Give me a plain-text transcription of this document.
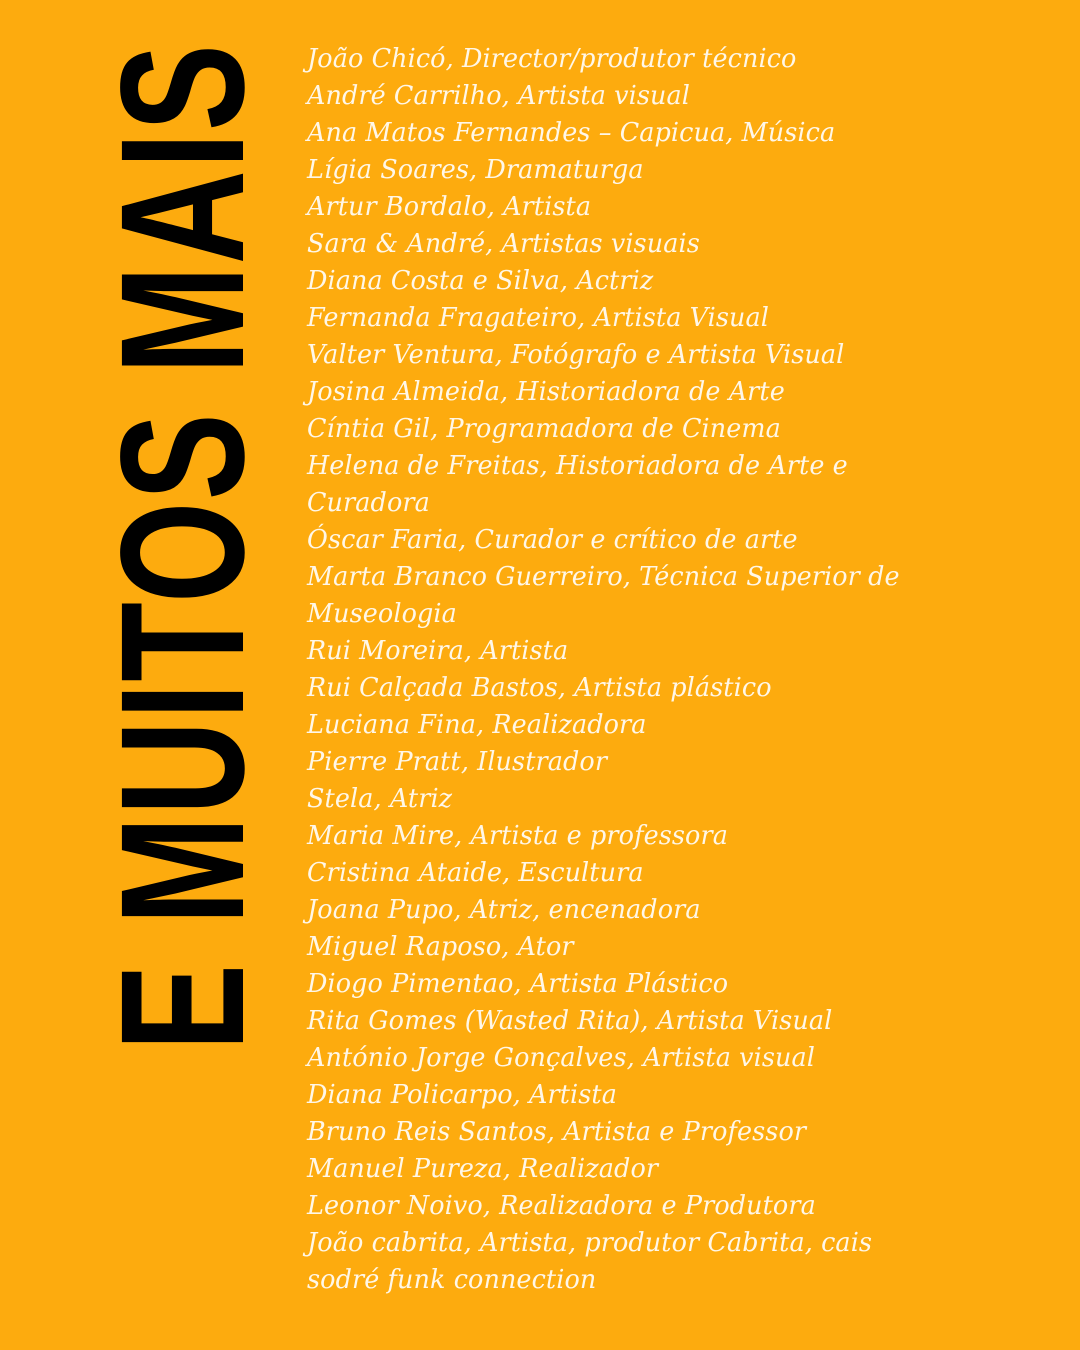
E MUITOS MAIS João Chicó, Director/produtor técnico
André Carrilho, Artista visual
Ana Matos Fernandes – Capicua, Música
Lígia Soares, Dramaturga
Artur Bordalo, Artista
Sara & André, Artistas visuais
Diana Costa e Silva, Actriz
Fernanda Fragateiro, Artista Visual
Valter Ventura, Fotógrafo e Artista Visual
Josina Almeida, Historiadora de Arte
Cíntia Gil, Programadora de Cinema
Helena de Freitas, Historiadora de Arte e
Curadora
Óscar Faria, Curador e crítico de arte
Marta Branco Guerreiro, Técnica Superior de
Museologia
Rui Moreira, Artista
Rui Calçada Bastos, Artista plástico
Luciana Fina, Realizadora
Pierre Pratt, Ilustrador
Stela, Atriz
Maria Mire, Artista e professora
Cristina Ataide, Escultura
Joana Pupo, Atriz, encenadora
Miguel Raposo, Ator
Diogo Pimentao, Artista Plástico
Rita Gomes (Wasted Rita), Artista Visual
António Jorge Gonçalves, Artista visual
Diana Policarpo, Artista
Bruno Reis Santos, Artista e Professor
Manuel Pureza, Realizador
Leonor Noivo, Realizadora e Produtora
João cabrita, Artista, produtor Cabrita, cais
sodré funk connection
